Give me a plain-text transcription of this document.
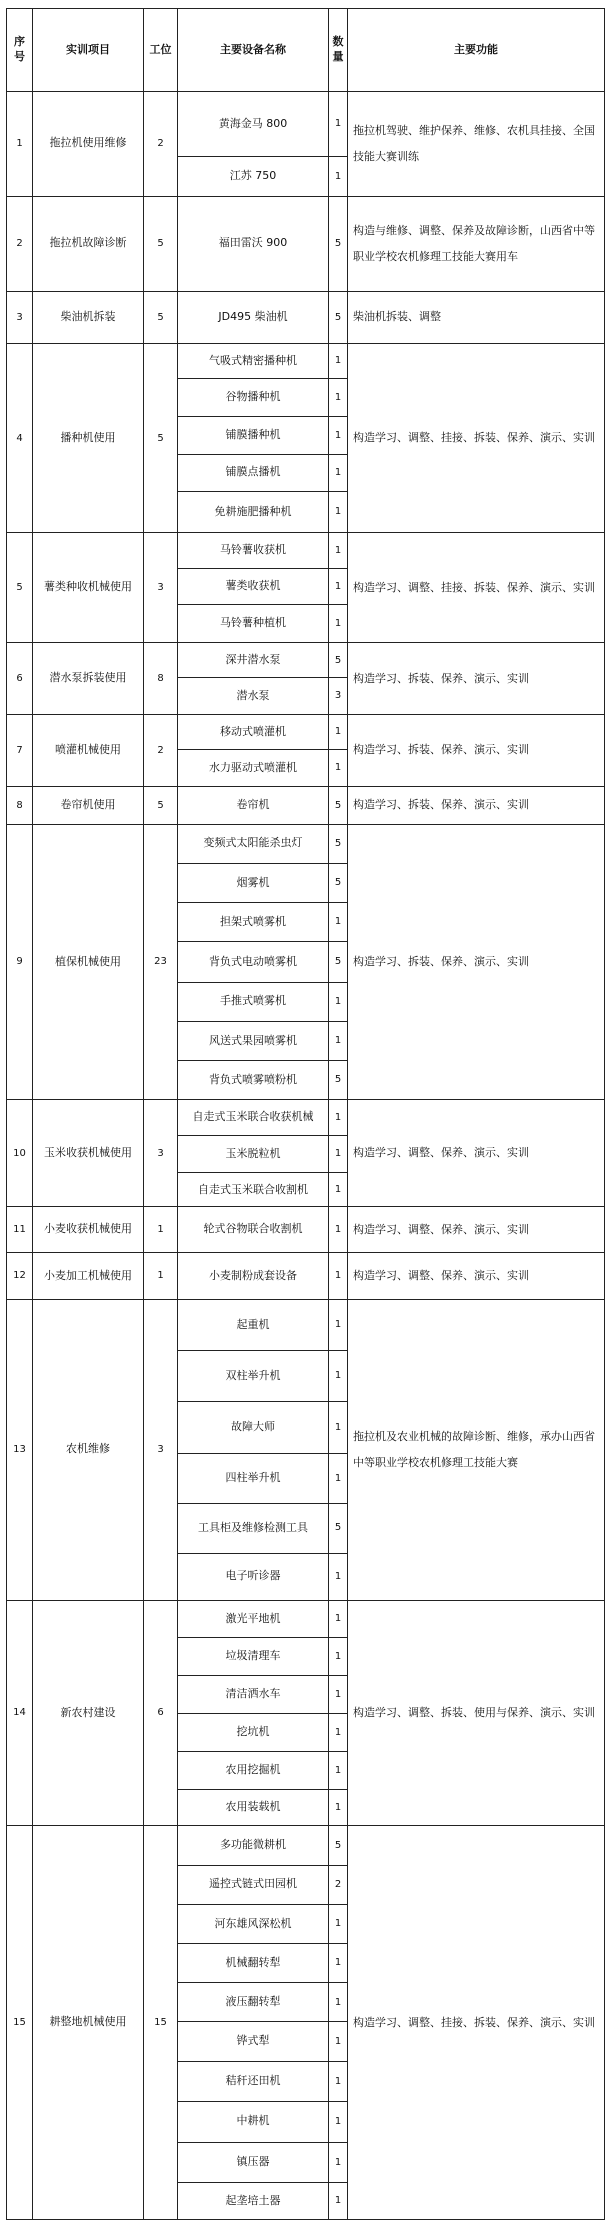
序号	实训项目	工位	主要设备名称	数量	主要功能
1	拖拉机使用维修	2	黄海金马 800	1	拖拉机驾驶、维护保养、维修、农机具挂接、全国技能大赛训练
			江苏 750	1	
2	拖拉机故障诊断	5	福田雷沃 900	5	构造与维修、调整、保养及故障诊断，山西省中等职业学校农机修理工技能大赛用车
3	柴油机拆装	5	JD495 柴油机	5	柴油机拆装、调整
4	播种机使用	5	气吸式精密播种机	1	构造学习、调整、挂接、拆装、保养、演示、实训
			谷物播种机	1	
			铺膜播种机	1	
			铺膜点播机	1	
			免耕施肥播种机	1	
5	薯类种收机械使用	3	马铃薯收获机	1	构造学习、调整、挂接、拆装、保养、演示、实训
			薯类收获机	1	
			马铃薯种植机	1	
6	潜水泵拆装使用	8	深井潜水泵	5	构造学习、拆装、保养、演示、实训
			潜水泵	3	
7	喷灌机械使用	2	移动式喷灌机	1	构造学习、拆装、保养、演示、实训
			水力驱动式喷灌机	1	
8	卷帘机使用	5	卷帘机	5	构造学习、拆装、保养、演示、实训
9	植保机械使用	23	变频式太阳能杀虫灯	5	构造学习、拆装、保养、演示、实训
			烟雾机	5	
			担架式喷雾机	1	
			背负式电动喷雾机	5	
			手推式喷雾机	1	
			风送式果园喷雾机	1	
			背负式喷雾喷粉机	5	
10	玉米收获机械使用	3	自走式玉米联合收获机械	1	构造学习、调整、保养、演示、实训
			玉米脱粒机	1	
			自走式玉米联合收割机	1	
11	小麦收获机械使用	1	轮式谷物联合收割机	1	构造学习、调整、保养、演示、实训
12	小麦加工机械使用	1	小麦制粉成套设备	1	构造学习、调整、保养、演示、实训
13	农机维修	3	起重机	1	拖拉机及农业机械的故障诊断、维修，承办山西省中等职业学校农机修理工技能大赛
			双柱举升机	1	
			故障大师	1	
			四柱举升机	1	
			工具柜及维修检测工具	5	
			电子听诊器	1	
14	新农村建设	6	激光平地机	1	构造学习、调整、拆装、使用与保养、演示、实训
			垃圾清理车	1	
			清洁洒水车	1	
			挖坑机	1	
			农用挖掘机	1	
			农用装载机	1	
15	耕整地机械使用	15	多功能微耕机	5	构造学习、调整、挂接、拆装、保养、演示、实训
			遥控式链式田园机	2	
			河东雄风深松机	1	
			机械翻转犁	1	
			液压翻转犁	1	
			铧式犁	1	
			秸秆还田机	1	
			中耕机	1	
			镇压器	1	
			起垄培土器	1	
